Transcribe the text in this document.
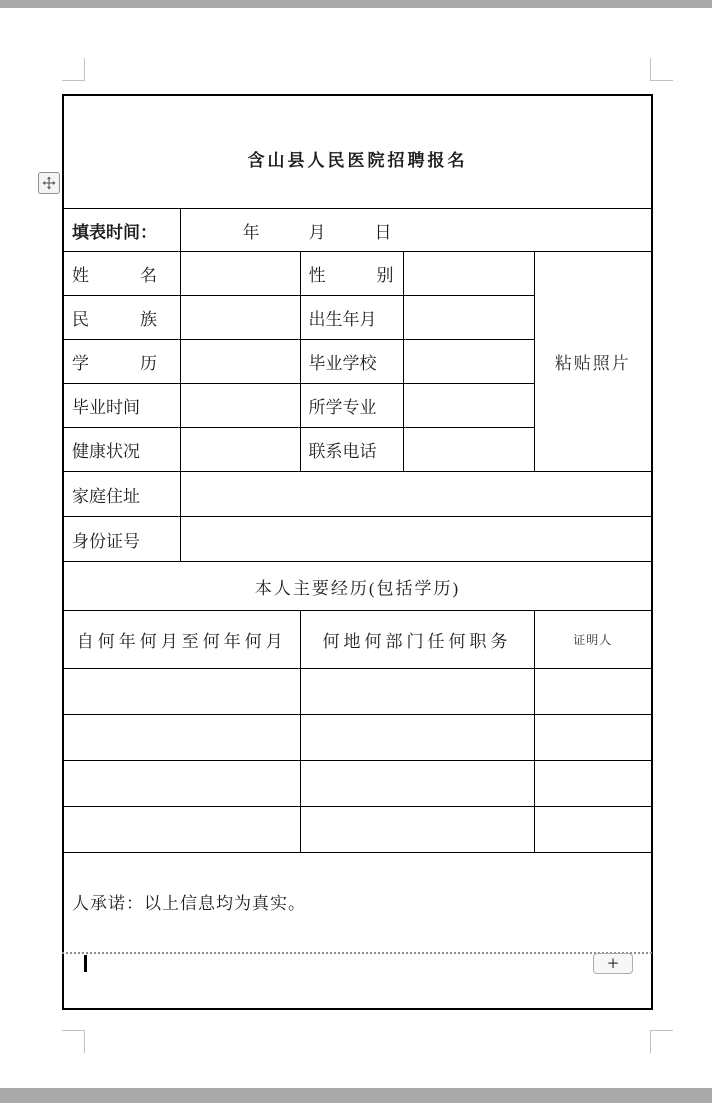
含山县人民医院招聘报名				
填表时间：	年　　月　　日			
姓　　　名		性　　　别		粘贴照片
民　　　族		出生年月		
学　　　历		毕业学校		
毕业时间		所学专业		
健康状况		联系电话		
家庭住址				
身份证号				
本人主要经历(包括学历)				
自何年何月至何年何月		何地何部门任何职务		证明人

人承诺：以上信息均为真实。				
+
